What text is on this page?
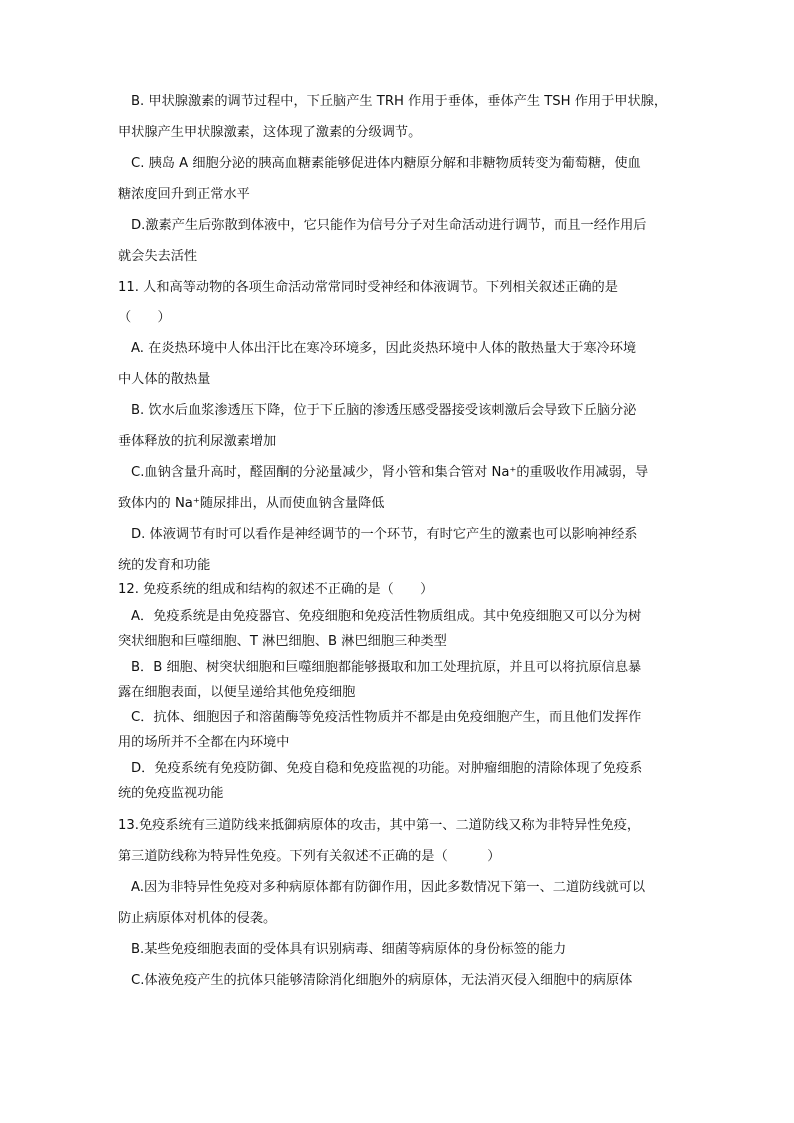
B. 甲状腺激素的调节过程中，下丘脑产生 TRH 作用于垂体，垂体产生 TSH 作用于甲状腺，

甲状腺产生甲状腺激素，这体现了激素的分级调节。

C. 胰岛 A 细胞分泌的胰高血糖素能够促进体内糖原分解和非糖物质转变为葡萄糖，使血

糖浓度回升到正常水平

D.激素产生后弥散到体液中，它只能作为信号分子对生命活动进行调节，而且一经作用后

就会失去活性

11. 人和高等动物的各项生命活动常常同时受神经和体液调节。下列相关叙述正确的是

（　　）

A. 在炎热环境中人体出汗比在寒冷环境多，因此炎热环境中人体的散热量大于寒冷环境

中人体的散热量

B. 饮水后血浆渗透压下降，位于下丘脑的渗透压感受器接受该刺激后会导致下丘脑分泌

垂体释放的抗利尿激素增加

C.血钠含量升高时，醛固酮的分泌量减少，肾小管和集合管对 Na⁺的重吸收作用减弱，导

致体内的 Na⁺随尿排出，从而使血钠含量降低

D. 体液调节有时可以看作是神经调节的一个环节，有时它产生的激素也可以影响神经系

统的发育和功能

12. 免疫系统的组成和结构的叙述不正确的是（　　）

A．免疫系统是由免疫器官、免疫细胞和免疫活性物质组成。其中免疫细胞又可以分为树

突状细胞和巨噬细胞、T 淋巴细胞、B 淋巴细胞三种类型

B．B 细胞、树突状细胞和巨噬细胞都能够摄取和加工处理抗原，并且可以将抗原信息暴

露在细胞表面，以便呈递给其他免疫细胞

C．抗体、细胞因子和溶菌酶等免疫活性物质并不都是由免疫细胞产生，而且他们发挥作

用的场所并不全都在内环境中

D．免疫系统有免疫防御、免疫自稳和免疫监视的功能。对肿瘤细胞的清除体现了免疫系

统的免疫监视功能

13.免疫系统有三道防线来抵御病原体的攻击，其中第一、二道防线又称为非特异性免疫，

第三道防线称为特异性免疫。下列有关叙述不正确的是（　　　）

A.因为非特异性免疫对多种病原体都有防御作用，因此多数情况下第一、二道防线就可以

防止病原体对机体的侵袭。

B.某些免疫细胞表面的受体具有识别病毒、细菌等病原体的身份标签的能力

C.体液免疫产生的抗体只能够清除消化细胞外的病原体，无法消灭侵入细胞中的病原体
